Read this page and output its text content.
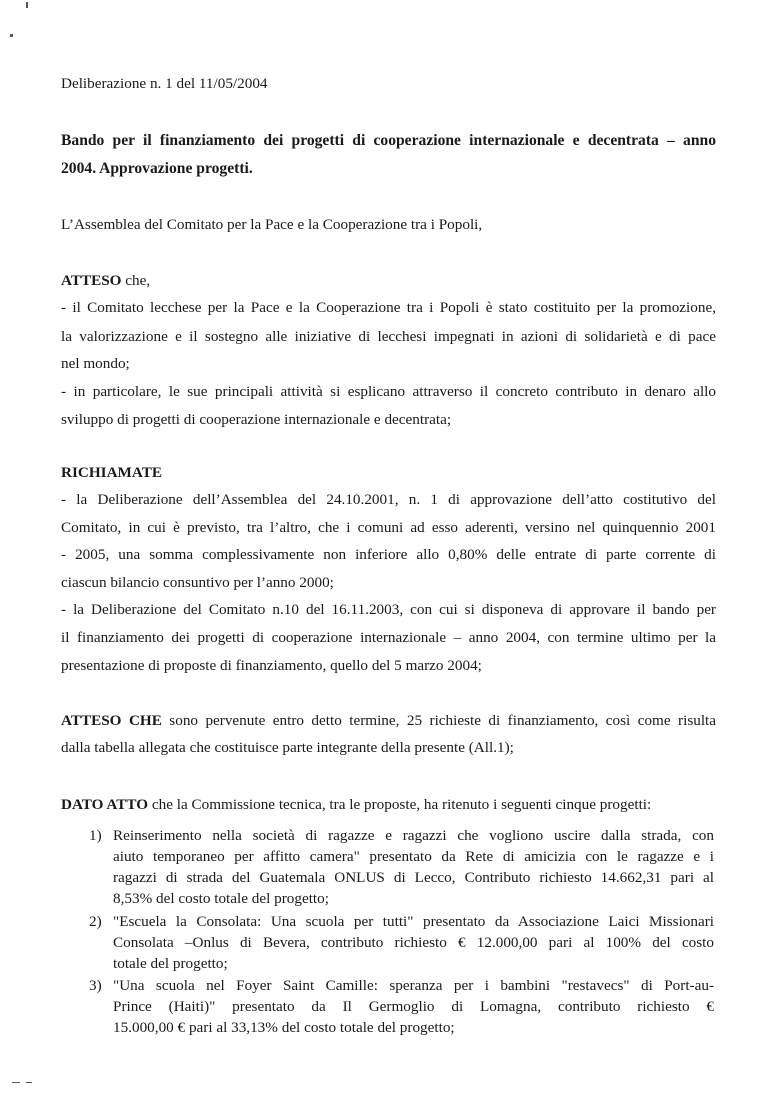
Deliberazione n. 1 del 11/05/2004
Bando per il finanziamento dei progetti di cooperazione internazionale e decentrata – anno
2004. Approvazione progetti.
L’Assemblea del Comitato per la Pace e la Cooperazione tra i Popoli,
ATTESO che,
- il Comitato lecchese per la Pace e la Cooperazione tra i Popoli è stato costituito per la promozione,
la valorizzazione e il sostegno alle iniziative di lecchesi impegnati in azioni di solidarietà e di pace
nel mondo;
- in particolare, le sue principali attività si esplicano attraverso il concreto contributo in denaro allo
sviluppo di progetti di cooperazione internazionale e decentrata;
RICHIAMATE
- la Deliberazione dell’Assemblea del 24.10.2001, n. 1 di approvazione dell’atto costitutivo del
Comitato, in cui è previsto, tra l’altro, che i comuni ad esso aderenti, versino nel quinquennio 2001
- 2005, una somma complessivamente non inferiore allo 0,80% delle entrate di parte corrente di
ciascun bilancio consuntivo per l’anno 2000;
- la Deliberazione del Comitato n.10 del 16.11.2003, con cui si disponeva di approvare il bando per
il finanziamento dei progetti di cooperazione internazionale – anno 2004, con termine ultimo per la
presentazione di proposte di finanziamento, quello del 5 marzo 2004;
ATTESO CHE sono pervenute entro detto termine, 25 richieste di finanziamento, così come risulta
dalla tabella allegata che costituisce parte integrante della presente (All.1);
DATO ATTO che la Commissione tecnica, tra le proposte, ha ritenuto i seguenti cinque progetti:
1) Reinserimento nella società di ragazze e ragazzi che vogliono uscire dalla strada, con
aiuto temporaneo per affitto camera" presentato da Rete di amicizia con le ragazze e i
ragazzi di strada del Guatemala ONLUS di Lecco, Contributo richiesto 14.662,31 pari al
8,53% del costo totale del progetto;
2) "Escuela la Consolata: Una scuola per tutti" presentato da Associazione Laici Missionari
Consolata –Onlus di Bevera, contributo richiesto € 12.000,00 pari al 100% del costo
totale del progetto;
3) "Una scuola nel Foyer Saint Camille: speranza per i bambini "restavecs" di Port-au-
Prince (Haiti)" presentato da Il Germoglio di Lomagna, contributo richiesto €
15.000,00 € pari al 33,13% del costo totale del progetto;
